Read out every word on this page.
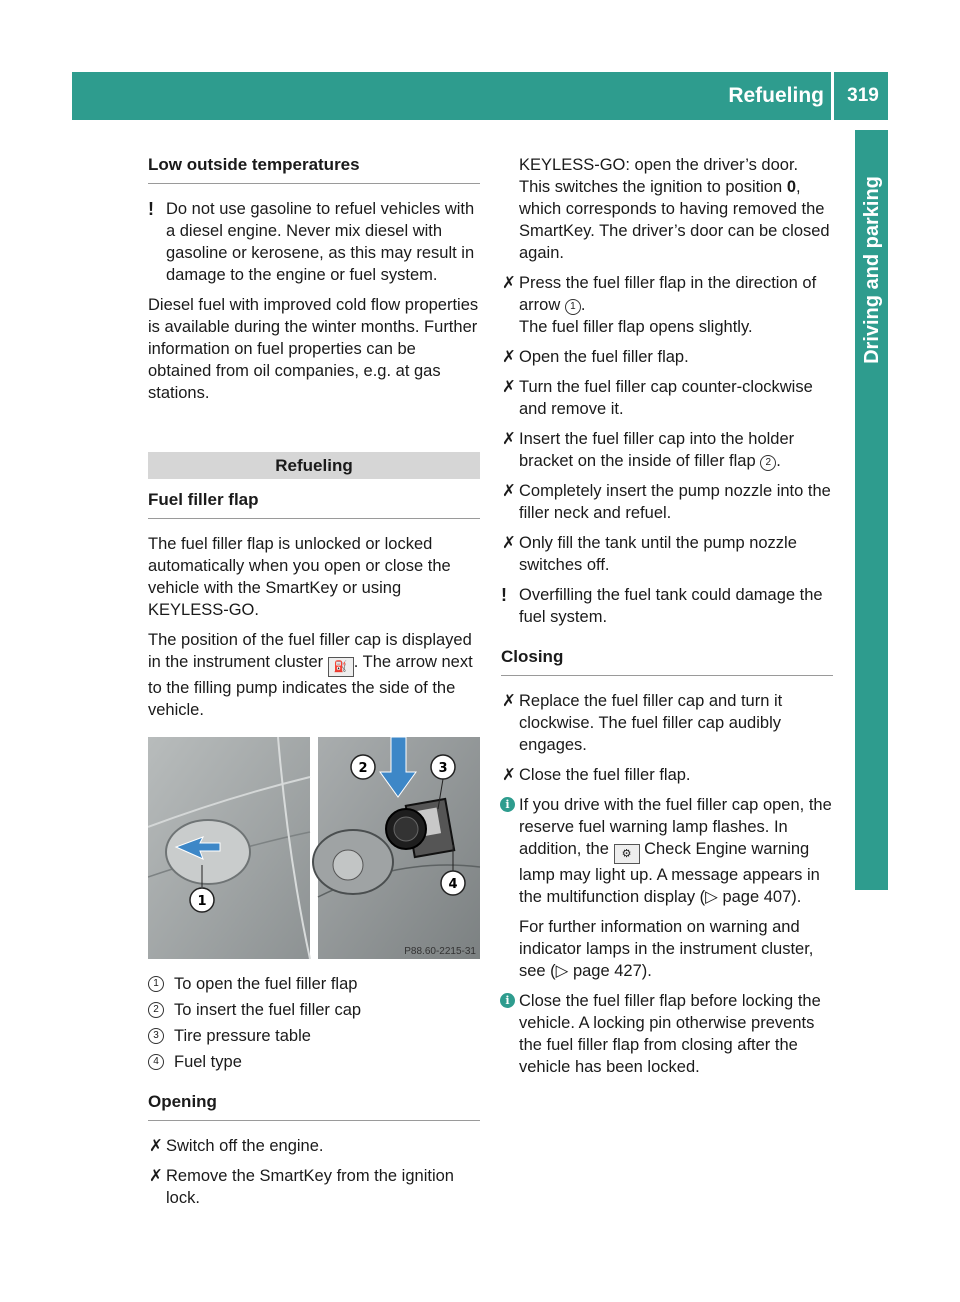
Refueling	319
Driving and parking
Low outside temperatures
! Do not use gasoline to refuel vehicles with a diesel engine. Never mix diesel with gasoline or kerosene, as this may result in damage to the engine or fuel system.

Diesel fuel with improved cold flow properties is available during the winter months. Further information on fuel properties can be obtained from oil companies, e.g. at gas stations.

Refueling
Fuel filler flap

The fuel filler flap is unlocked or locked automatically when you open or close the vehicle with the SmartKey or using KEYLESS-GO.

The position of the fuel filler cap is displayed in the instrument cluster ⛽ . The arrow next to the filling pump indicates the side of the vehicle.

1
2	3
4
P88.60-2215-31
1 To open the fuel filler flap
2 To insert the fuel filler cap
3 Tire pressure table
4 Fuel type
Opening
✗ Switch off the engine.
✗ Remove the SmartKey from the ignition lock.

KEYLESS-GO: open the driver’s door. This switches the ignition to position 0, which corresponds to having removed the SmartKey. The driver’s door can be closed again.

✗ Press the fuel filler flap in the direction of arrow 1 .
The fuel filler flap opens slightly.
✗ Open the fuel filler flap.
✗ Turn the fuel filler cap counter-clockwise and remove it.
✗ Insert the fuel filler cap into the holder bracket on the inside of filler flap 2 .
✗ Completely insert the pump nozzle into the filler neck and refuel.
✗ Only fill the tank until the pump nozzle switches off.
! Overfilling the fuel tank could damage the fuel system.
Closing
✗ Replace the fuel filler cap and turn it clockwise. The fuel filler cap audibly engages.
✗ Close the fuel filler flap.
i If you drive with the fuel filler cap open, the reserve fuel warning lamp flashes. In addition, the ⚙ Check Engine warning lamp may light up. A message appears in the multifunction display (▷ page 407).

For further information on warning and indicator lamps in the instrument cluster, see (▷ page 427).

i Close the fuel filler flap before locking the vehicle. A locking pin otherwise prevents the fuel filler flap from closing after the vehicle has been locked.
